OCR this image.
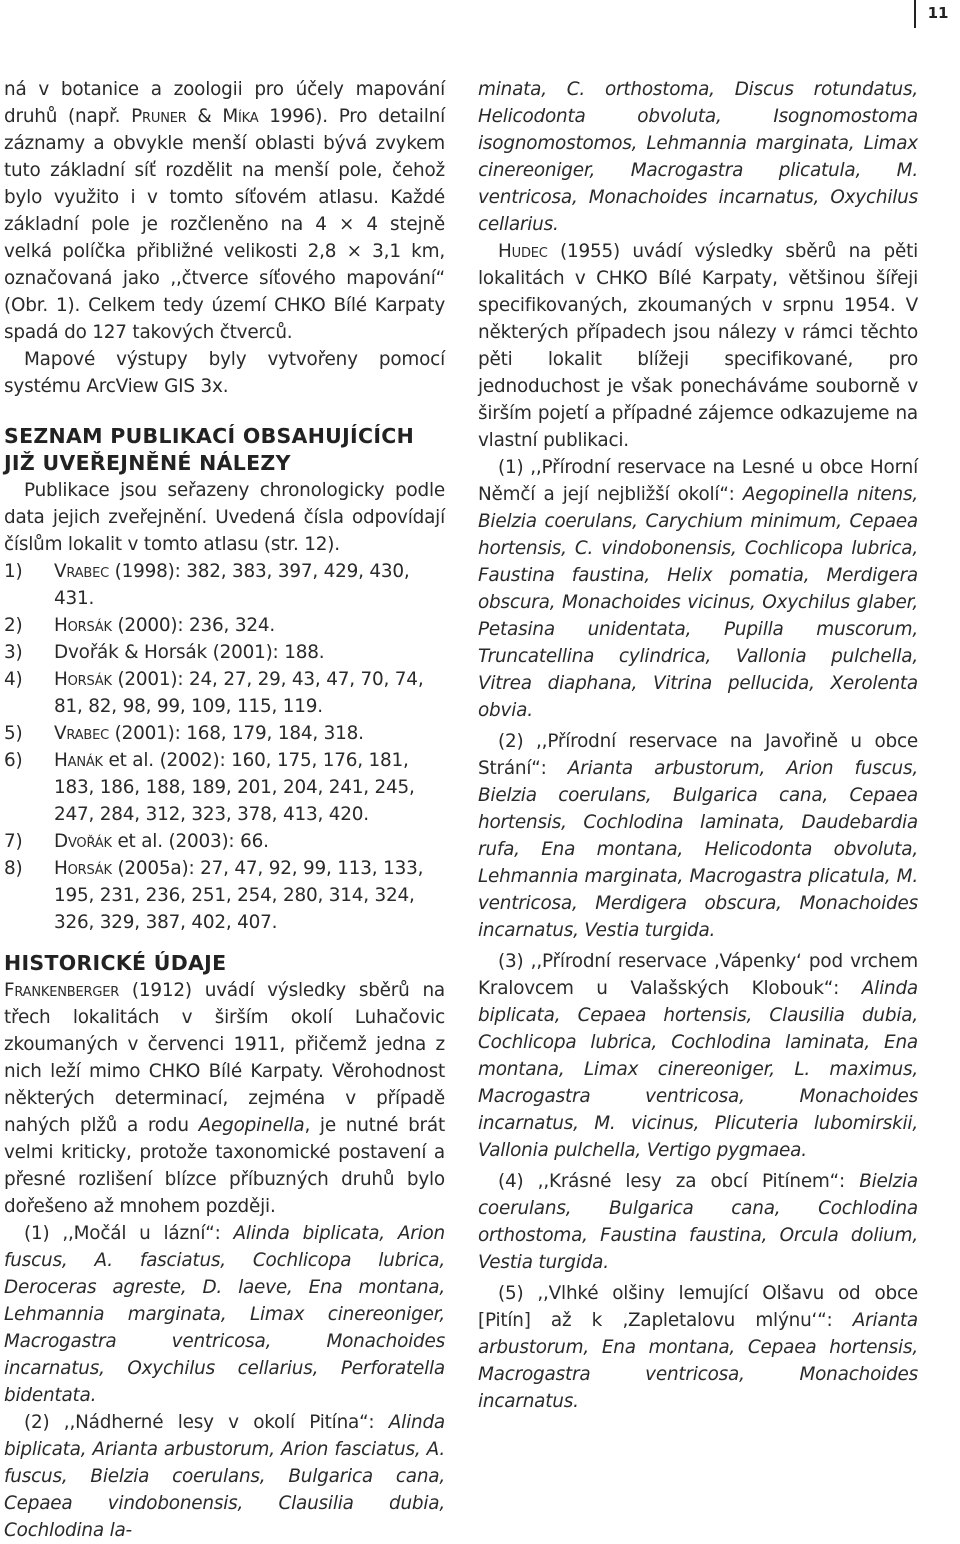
11

ná v botanice a zoologii pro účely mapování druhů (např. Pruner & Míka 1996). Pro detailní záznamy a obvykle menší oblasti bývá zvykem tuto základní síť rozdělit na menší pole, čehož bylo využito i v tomto síťovém atlasu. Každé základní pole je rozčleněno na 4 × 4 stejně velká políčka přibližné velikosti 2,8 × 3,1 km, označovaná jako ,,čtverce síťového mapování“ (Obr. 1). Celkem tedy území CHKO Bílé Karpaty spadá do 127 takových čtverců.

Mapové výstupy byly vytvořeny pomocí systému ArcView GIS 3x.

SEZNAM PUBLIKACÍ OBSAHUJÍCÍCH JIŽ UVEŘEJNĚNÉ NÁLEZY

Publikace jsou seřazeny chronologicky podle data jejich zveřejnění. Uvedená čísla odpovídají číslům lokalit v tomto atlasu (str. 12).

1) Vrabec (1998): 382, 383, 397, 429, 430, 431.
2) Horsák (2000): 236, 324.
3) Dvořák & Horsák (2001): 188.
4) Horsák (2001): 24, 27, 29, 43, 47, 70, 74, 81, 82, 98, 99, 109, 115, 119.
5) Vrabec (2001): 168, 179, 184, 318.
6) Hanák et al. (2002): 160, 175, 176, 181, 183, 186, 188, 189, 201, 204, 241, 245, 247, 284, 312, 323, 378, 413, 420.
7) Dvořák et al. (2003): 66.
8) Horsák (2005a): 27, 47, 92, 99, 113, 133, 195, 231, 236, 251, 254, 280, 314, 324, 326, 329, 387, 402, 407.
HISTORICKÉ ÚDAJE

Frankenberger (1912) uvádí výsledky sběrů na třech lokalitách v širším okolí Luhačovic zkoumaných v červenci 1911, přičemž jedna z nich leží mimo CHKO Bílé Karpaty. Věrohodnost některých determinací, zejména v případě nahých plžů a rodu Aegopinella, je nutné brát velmi kriticky, protože taxonomické postavení a přesné rozlišení blízce příbuzných druhů bylo dořešeno až mnohem později.

(1) ,,Močál u lázní“: Alinda biplicata, Arion fuscus, A. fasciatus, Cochlicopa lubrica, Deroceras agreste, D. laeve, Ena montana, Lehmannia marginata, Limax cinereoniger, Macrogastra ventricosa, Monachoides incarnatus, Oxychilus cellarius, Perforatella bidentata.

(2) ,,Nádherné lesy v okolí Pitína“: Alinda biplicata, Arianta arbustorum, Arion fasciatus, A. fuscus, Bielzia coerulans, Bulgarica cana, Cepaea vindobonensis, Clausilia dubia, Cochlodina la-

minata, C. orthostoma, Discus rotundatus, Helicodonta obvoluta, Isognomostoma isognomostomos, Lehmannia marginata, Limax cinereoniger, Macrogastra plicatula, M. ventricosa, Monachoides incarnatus, Oxychilus cellarius.

Hudec (1955) uvádí výsledky sběrů na pěti lokalitách v CHKO Bílé Karpaty, většinou šířeji specifikovaných, zkoumaných v srpnu 1954. V některých případech jsou nálezy v rámci těchto pěti lokalit blížeji specifikované, pro jednoduchost je však ponecháváme souborně v širším pojetí a případné zájemce odkazujeme na vlastní publikaci.

(1) ,,Přírodní reservace na Lesné u obce Horní Němčí a její nejbližší okolí“: Aegopinella nitens, Bielzia coerulans, Carychium minimum, Cepaea hortensis, C. vindobonensis, Cochlicopa lubrica, Faustina faustina, Helix pomatia, Merdigera obscura, Monachoides vicinus, Oxychilus glaber, Petasina unidentata, Pupilla muscorum, Truncatellina cylindrica, Vallonia pulchella, Vitrea diaphana, Vitrina pellucida, Xerolenta obvia.

(2) ,,Přírodní reservace na Javořině u obce Strání“: Arianta arbustorum, Arion fuscus, Bielzia coerulans, Bulgarica cana, Cepaea hortensis, Cochlodina laminata, Daudebardia rufa, Ena montana, Helicodonta obvoluta, Lehmannia marginata, Macrogastra plicatula, M. ventricosa, Merdigera obscura, Monachoides incarnatus, Vestia turgida.

(3) ,,Přírodní reservace ‚Vápenky‘ pod vrchem Kralovcem u Valašských Klobouk“: Alinda biplicata, Cepaea hortensis, Clausilia dubia, Cochlicopa lubrica, Cochlodina laminata, Ena montana, Limax cinereoniger, L. maximus, Macrogastra ventricosa, Monachoides incarnatus, M. vicinus, Plicuteria lubomirskii, Vallonia pulchella, Vertigo pygmaea.

(4) ,,Krásné lesy za obcí Pitínem“: Bielzia coerulans, Bulgarica cana, Cochlodina orthostoma, Faustina faustina, Orcula dolium, Vestia turgida.

(5) ,,Vlhké olšiny lemující Olšavu od obce [Pitín] až k ‚Zapletalovu mlýnu‘“: Arianta arbustorum, Ena montana, Cepaea hortensis, Macrogastra ventricosa, Monachoides incarnatus.
